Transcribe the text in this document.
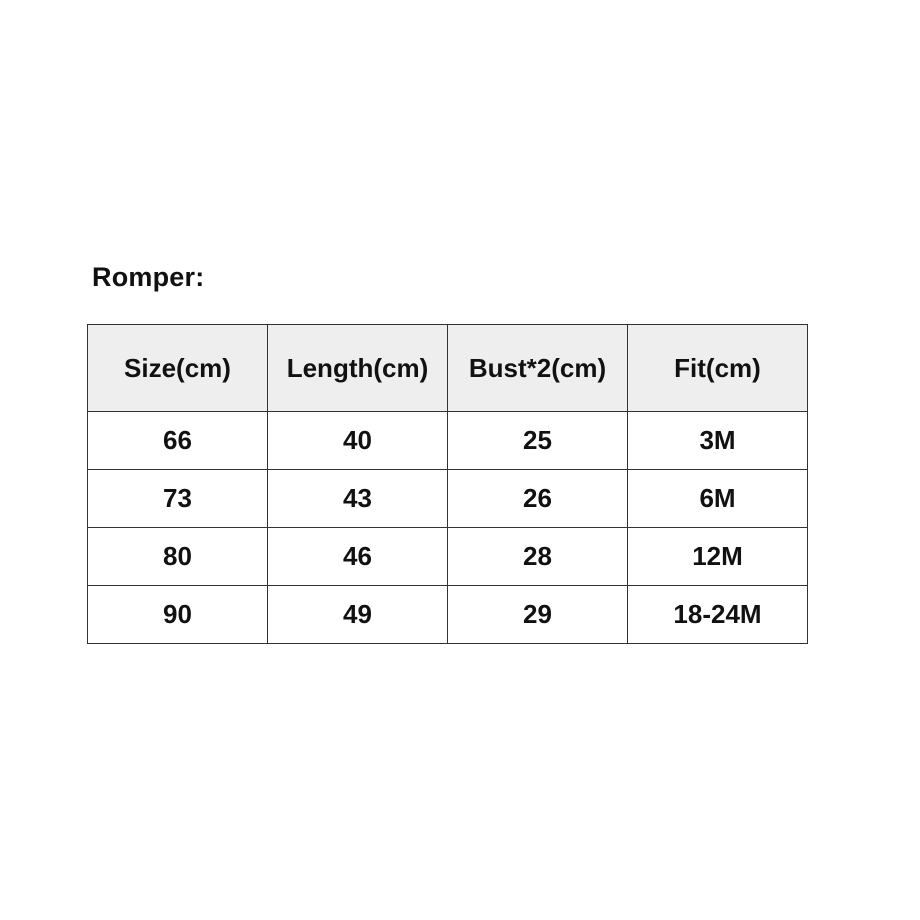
Romper:
Size(cm)	Length(cm)	Bust*2(cm)	Fit(cm)
66	40	25	3M
73	43	26	6M
80	46	28	12M
90	49	29	18-24M
